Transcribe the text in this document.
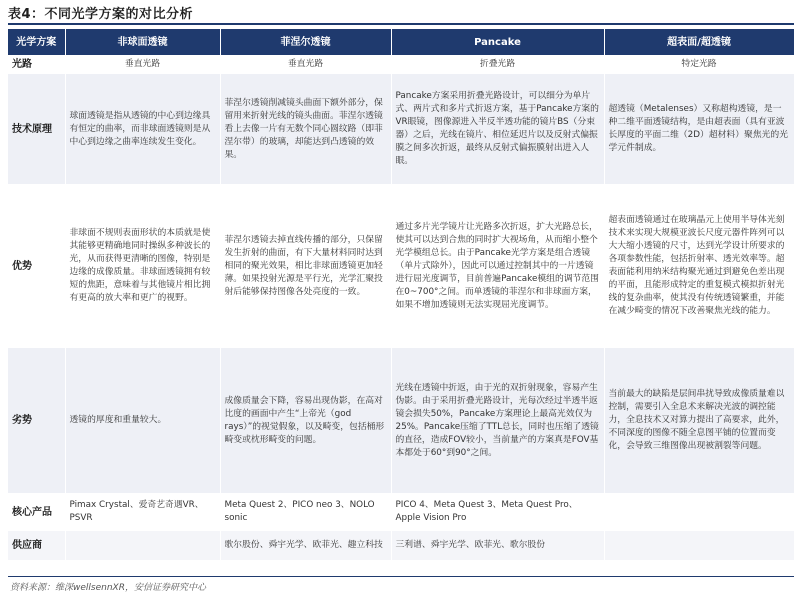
表4：不同光学方案的对比分析
光学方案	非球面透镜	菲涅尔透镜	Pancake	超表面/超透镜
光路	垂直光路	垂直光路	折叠光路	特定光路
技术原理	球面透镜是指从透镜的中心到边缘具有恒定的曲率，而非球面透镜则是从中心到边缘之曲率连续发生变化。	菲涅尔透镜削减镜头曲面下额外部分，保留用来折射光线的镜头曲面。菲涅尔透镜看上去像一片有无数个同心圆纹路（即菲涅尔带）的玻璃，却能达到凸透镜的效果。	Pancake方案采用折叠光路设计，可以细分为单片式、两片式和多片式折返方案，基于Pancake方案的VR眼镜，图像源进入半反半透功能的镜片BS（分束器）之后，光线在镜片、相位延迟片以及反射式偏振膜之间多次折返，最终从反射式偏振膜射出进入人眼。	超透镜（Metalenses）又称超构透镜，是一种二维平面透镜结构，是由超表面（具有亚波长厚度的平面二维（2D）超材料）聚焦光的光学元件制成。
优势	非球面不规则表面形状的本质就是使其能够更精确地同时操纵多种波长的光，从而获得更清晰的图像，特别是边缘的成像质量。非球面透镜拥有较短的焦距，意味着与其他镜片相比拥有更高的放大率和更广的视野。	菲涅尔透镜去掉直线传播的部分，只保留发生折射的曲面，有下大量材料同时达到相同的聚光效果，相比非球面透镜更加轻薄。如果投射光源是平行光，光学汇聚投射后能够保持图像各处亮度的一致。	通过多片光学镜片让光路多次折返，扩大光路总长，使其可以达到合焦的同时扩大视场角，从而缩小整个光学模组总长。由于Pancake光学方案是组合透镜（单片式除外），因此可以通过控制其中的一片透镜进行屈光度调节，目前普遍Pancake模组的调节范围在0~700°之间。而单透镜的菲涅尔和非球面方案，如果不增加透镜则无法实现屈光度调节。	超表面透镜通过在玻璃晶元上使用半导体光刻技术来实现大规模亚波长尺度元器件阵列可以大大缩小透镜的尺寸，达到光学设计所要求的各项参数性能，包括折射率、透光效率等。超表面能利用纳米结构聚光通过到避免色差出现的平面，且能形成特定的重复模式模拟折射光线的复杂曲率，使其没有传统透镜繁重，并能在减少畸变的情况下改善聚焦光线的能力。
劣势	透镜的厚度和重量较大。	成像质量会下降，容易出现伪影，在高对比度的画面中产生“上帝光（god rays）”的视觉假象，以及畸变，包括桶形畸变或枕形畸变的问题。	光线在透镜中折返，由于光的双折射现象，容易产生伪影。由于采用折叠光路设计，光每次经过半透半返镜会损失50%，Pancake方案理论上最高光效仅为25%。Pancake压缩了TTL总长，同时也压缩了透镜的直径，造成FOV较小，当前量产的方案真是FOV基本都处于60°到90°之间。	当前最大的缺陷是层间串扰导致成像质量难以控制，需要引入全息术来解决光波的调控能力，全息技术又对算力提出了高要求，此外，不同深度的图像不随全息图平铺的位置而变化，会导致三维图像出现被割裂等问题。
核心产品	Pimax Crystal、爱奇艺奇遇VR、PSVR	Meta Quest 2、PICO neo 3、NOLO sonic	PICO 4、Meta Quest 3、Meta Quest Pro、Apple Vision Pro	
供应商		歌尔股份、舜宇光学、欧菲光、趣立科技	三利谱、舜宇光学、欧菲光、歌尔股份	
资料来源：维深wellsennXR，安信证券研究中心
